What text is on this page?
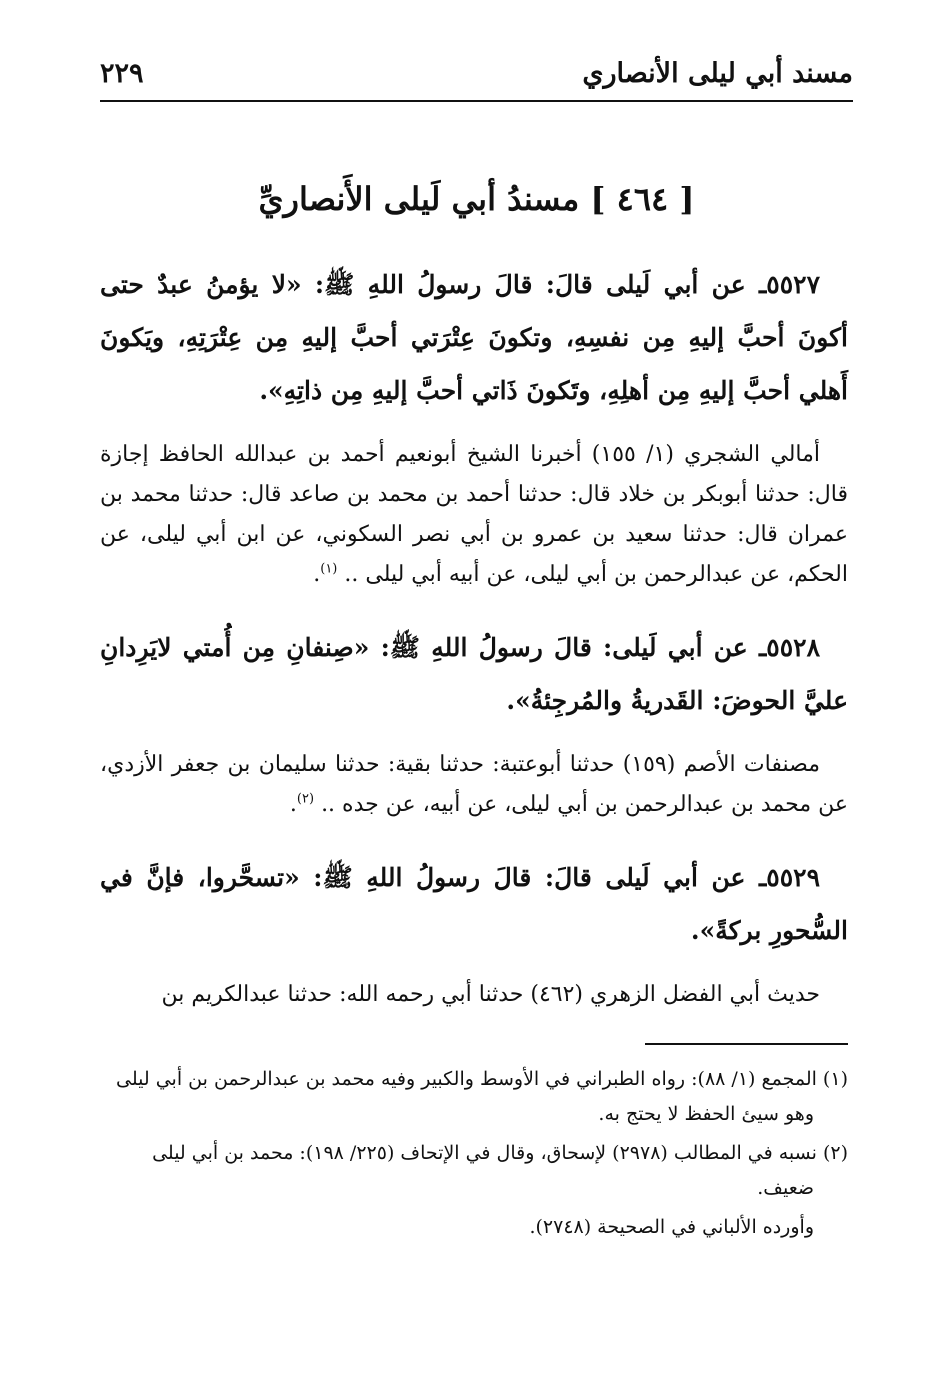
مسند أبي ليلى الأنصاري
٢٢٩
[ ٤٦٤ ] مسندُ أبي لَيلى الأَنصاريِّ

٥٥٢٧ـ عن أبي لَيلى قالَ: قالَ رسولُ اللهِ ﷺ: «لا يؤمنُ عبدٌ حتى أكونَ أحبَّ إليهِ مِن نفسِهِ، وتكونَ عِتْرَتي أحبَّ إليهِ مِن عِتْرَتِهِ، ويَكونَ أَهلي أحبَّ إليهِ مِن أهلِهِ، وتَكونَ ذَاتي أحبَّ إليهِ مِن ذاتِهِ».

أمالي الشجري (١/ ١٥٥) أخبرنا الشيخ أبونعيم أحمد بن عبدالله الحافظ إجازة قال: حدثنا أبوبكر بن خلاد قال: حدثنا أحمد بن محمد بن صاعد قال: حدثنا محمد بن عمران قال: حدثنا سعيد بن عمرو بن أبي نصر السكوني، عن ابن أبي ليلى، عن الحكم، عن عبدالرحمن بن أبي ليلى، عن أبيه أبي ليلى .. $^{(١)}$.

٥٥٢٨ـ عن أبي لَيلى: قالَ رسولُ اللهِ ﷺ: «صِنفانِ مِن أُمتي لايَرِدانِ عليَّ الحوضَ: القَدريةُ والمُرجِئةُ».

مصنفات الأصم (١٥٩) حدثنا أبوعتبة: حدثنا بقية: حدثنا سليمان بن جعفر الأزدي، عن محمد بن عبدالرحمن بن أبي ليلى، عن أبيه، عن جده .. $^{(٢)}$.

٥٥٢٩ـ عن أبي لَيلى قالَ: قالَ رسولُ اللهِ ﷺ: «تسحَّروا، فإنَّ في السُّحورِ بركةً».

حديث أبي الفضل الزهري (٤٦٢) حدثنا أبي رحمه الله: حدثنا عبدالكريم بن

(١) المجمع (١/ ٨٨): رواه الطبراني في الأوسط والكبير وفيه محمد بن عبدالرحمن بن أبي ليلى وهو سيئ الحفظ لا يحتج به.

(٢) نسبه في المطالب (٢٩٧٨) لإسحاق، وقال في الإتحاف (٢٢٥/ ١٩٨): محمد بن أبي ليلى ضعيف.

وأورده الألباني في الصحيحة (٢٧٤٨).
